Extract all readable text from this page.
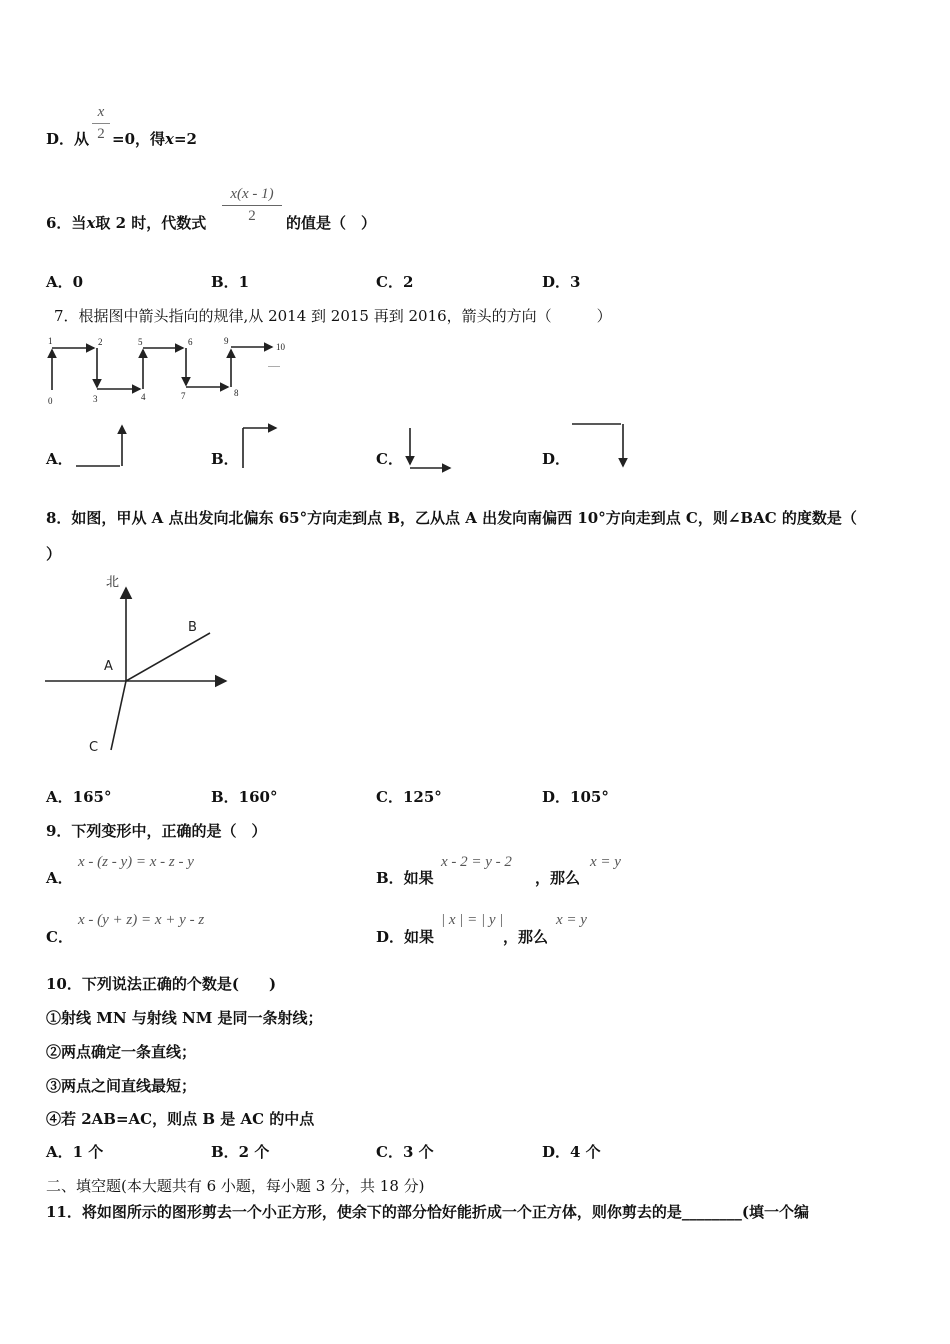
D．从 $\frac{x}{2} =0$，得x=2
6．当x取 2 时，代数式 $\frac{x(x - 1)}{2}$ 的值是（　）
A．0	B．1	C．2	D．3
7．根据图中箭头指向的规律,从 2014 到 2015 再到 2016，箭头的方向（　　　）
0
1	2
3	4
5	6
7	8
9
10
......
A．	B．	C．	D．
8．如图，甲从 A 点出发向北偏东 65°方向走到点 B，乙从点 A 出发向南偏西 10°方向走到点 C，则∠BAC 的度数是（
）
北
A
B
C
A．165°	B．160°	C．125°	D．105°
9．下列变形中，正确的是（　）
A．
x - (z - y) = x - z - y
B．如果
x - 2 = y - 2
，那么
x = y
C．
x - (y + z) = x + y - z
D．如果
| x | = | y |
，那么
x = y
10．下列说法正确的个数是(　　)
①射线 MN 与射线 NM 是同一条射线；
②两点确定一条直线；
③两点之间直线最短；
④若 2AB=AC，则点 B 是 AC 的中点
A．1 个	B．2 个	C．3 个	D．4 个
二、填空题(本大题共有 6 小题，每小题 3 分，共 18 分)
11．将如图所示的图形剪去一个小正方形，使余下的部分恰好能折成一个正方体，则你剪去的是________(填一个编
